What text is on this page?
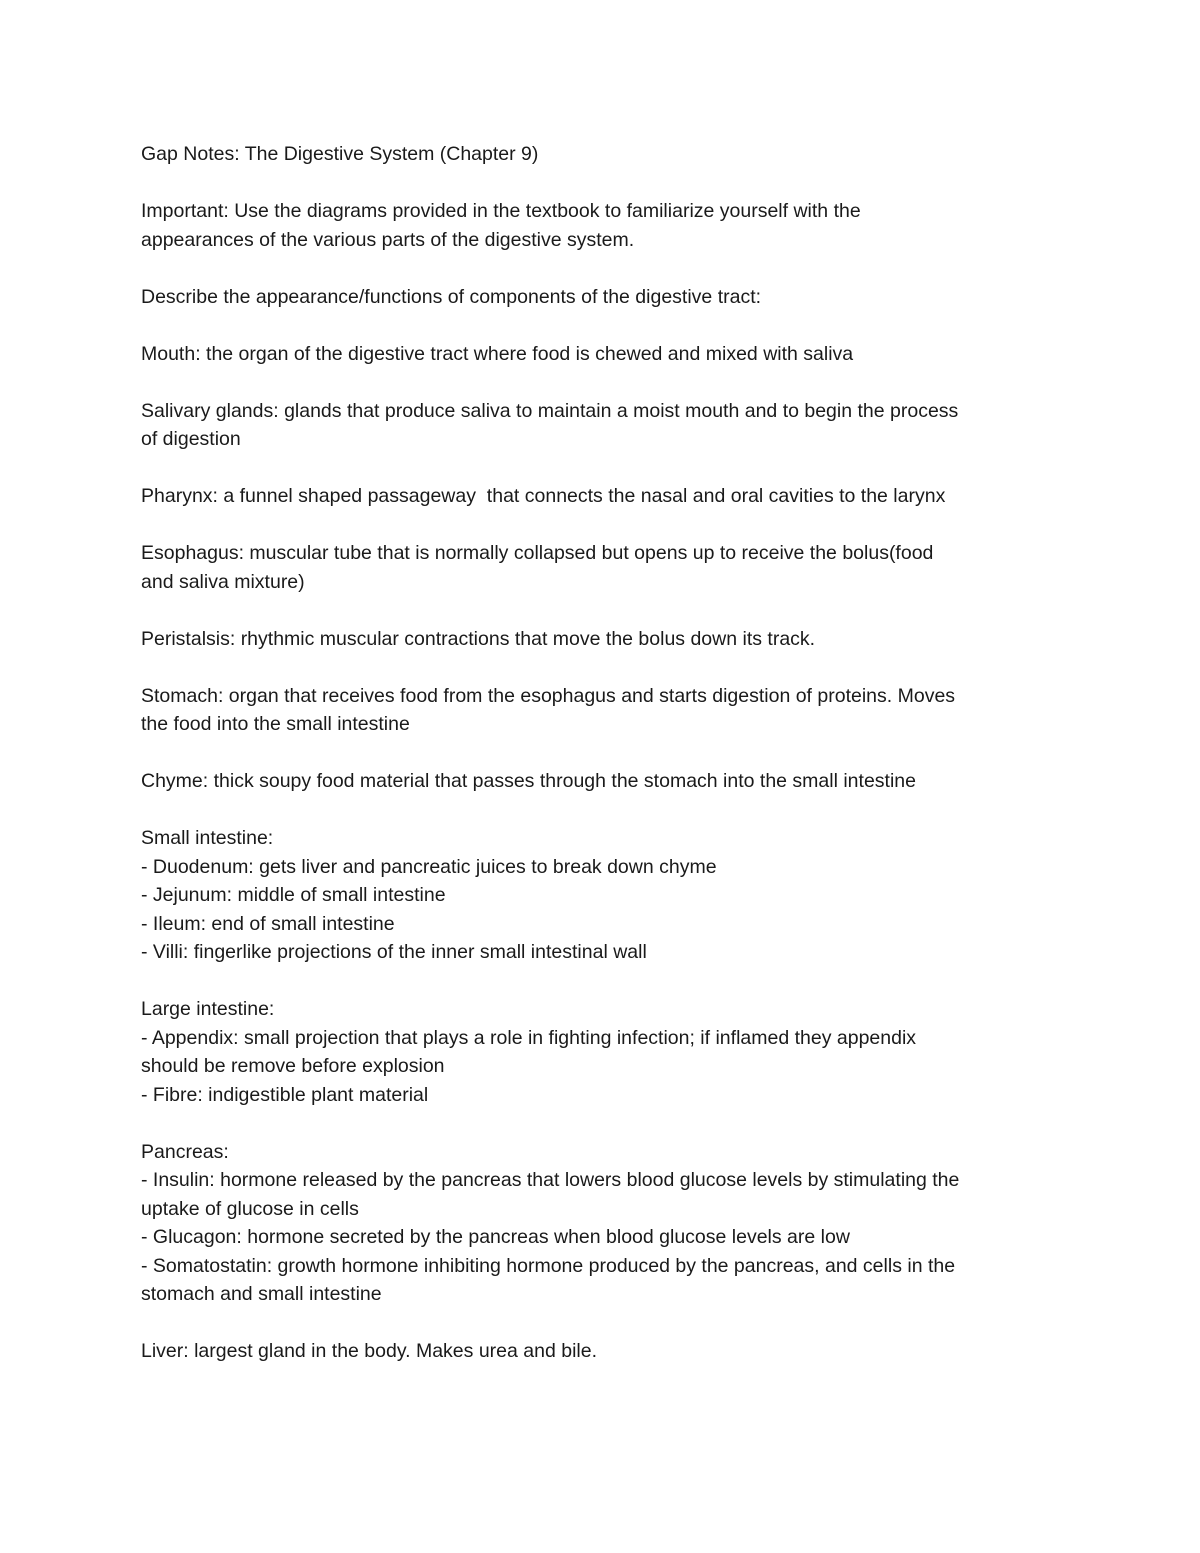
Gap Notes: The Digestive System (Chapter 9)

Important: Use the diagrams provided in the textbook to familiarize yourself with the
appearances of the various parts of the digestive system.

Describe the appearance/functions of components of the digestive tract:

Mouth: the organ of the digestive tract where food is chewed and mixed with saliva

Salivary glands: glands that produce saliva to maintain a moist mouth and to begin the process
of digestion

Pharynx: a funnel shaped passageway  that connects the nasal and oral cavities to the larynx

Esophagus: muscular tube that is normally collapsed but opens up to receive the bolus(food
and saliva mixture)

Peristalsis: rhythmic muscular contractions that move the bolus down its track.

Stomach: organ that receives food from the esophagus and starts digestion of proteins. Moves
the food into the small intestine

Chyme: thick soupy food material that passes through the stomach into the small intestine

Small intestine:
- Duodenum: gets liver and pancreatic juices to break down chyme
- Jejunum: middle of small intestine
- Ileum: end of small intestine
- Villi: fingerlike projections of the inner small intestinal wall

Large intestine:
- Appendix: small projection that plays a role in fighting infection; if inflamed they appendix
should be remove before explosion
- Fibre: indigestible plant material

Pancreas:
- Insulin: hormone released by the pancreas that lowers blood glucose levels by stimulating the
uptake of glucose in cells
- Glucagon: hormone secreted by the pancreas when blood glucose levels are low
- Somatostatin: growth hormone inhibiting hormone produced by the pancreas, and cells in the
stomach and small intestine

Liver: largest gland in the body. Makes urea and bile.
